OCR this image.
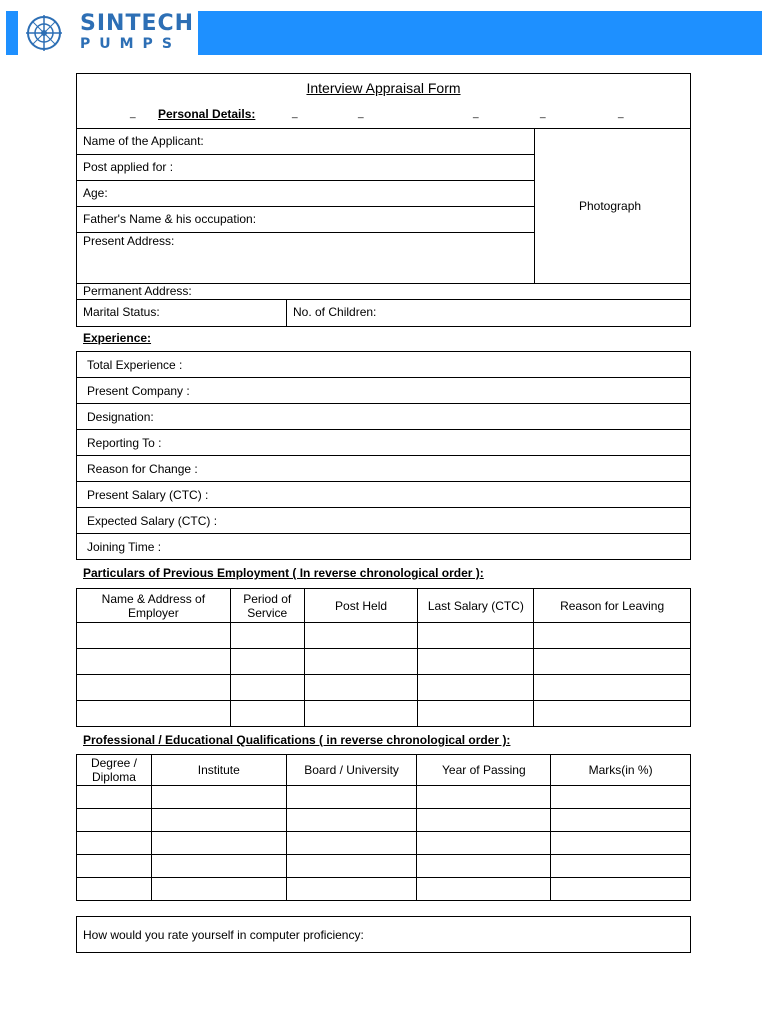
SINTECH
PUMPS
Interview Appraisal Form
_ Personal Details:	_	_	_	_	_
Name of the Applicant:
Post applied for :
Age:
Father's Name & his occupation:
Present Address:
Photograph
Permanent Address:
Marital Status:	No. of Children:
Experience:
Total Experience :
Present Company :
Designation:
Reporting To :
Reason for Change :
Present Salary (CTC) :
Expected Salary (CTC) :
Joining Time :
Particulars of Previous Employment ( In reverse chronological order ):
Name & Address of Employer	Period of Service	Post Held	Last Salary (CTC)	Reason for Leaving

Professional / Educational Qualifications ( in reverse chronological order ):
Degree / Diploma	Institute	Board / University	Year of Passing	Marks(in %)

How would you rate yourself in computer proficiency:
